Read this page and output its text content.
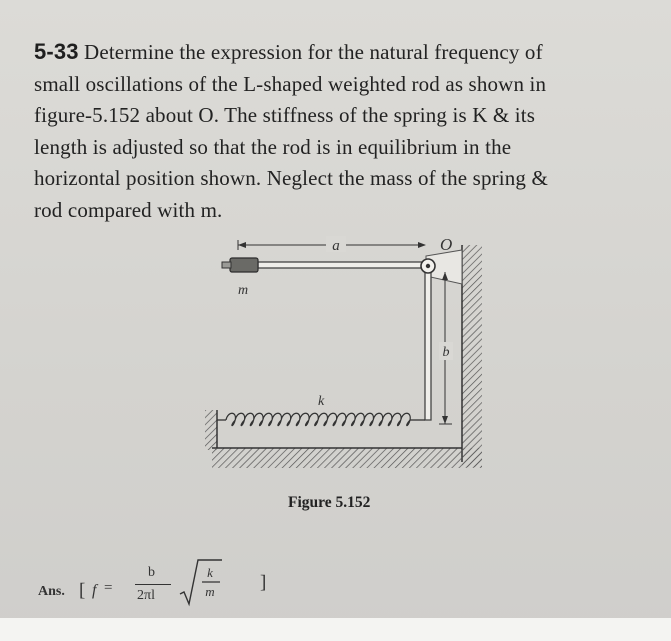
5-33 Determine the expression for the natural frequency of
small oscillations of the L-shaped weighted rod as shown in
figure-5.152 about O. The stiffness of the spring is K & its
length is adjusted so that the rod is in equilibrium in the
horizontal position shown. Neglect the mass of the spring &
rod compared with m.
a	O
m
b
k
Figure 5.152
Ans. [ f =
b
2πl
k
m ]
